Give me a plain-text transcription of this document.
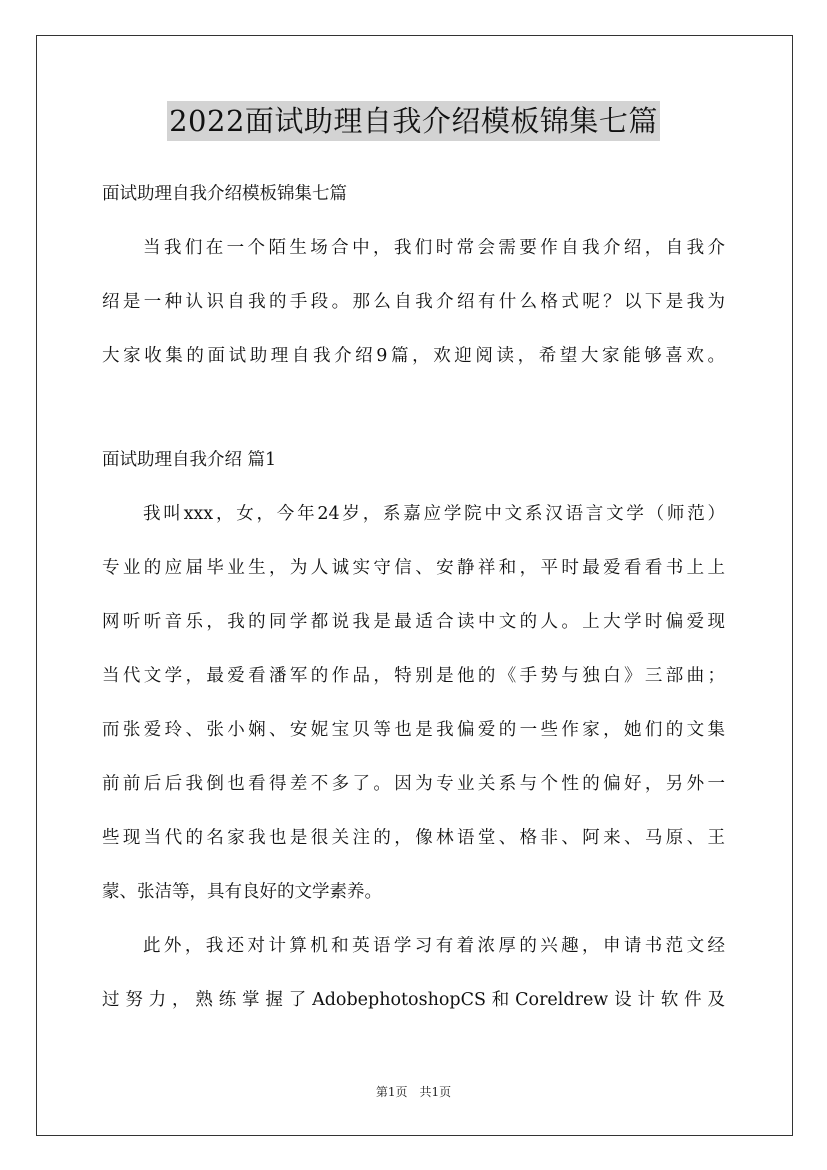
2022面试助理自我介绍模板锦集七篇
面试助理自我介绍模板锦集七篇
当我们在一个陌生场合中，我们时常会需要作自我介绍，自我介
绍是一种认识自我的手段。那么自我介绍有什么格式呢？以下是我为
大家收集的面试助理自我介绍9篇，欢迎阅读，希望大家能够喜欢。
面试助理自我介绍 篇1
我叫xxx，女，今年24岁，系嘉应学院中文系汉语言文学（师范）
专业的应届毕业生，为人诚实守信、安静祥和，平时最爱看看书上上
网听听音乐，我的同学都说我是最适合读中文的人。上大学时偏爱现
当代文学，最爱看潘军的作品，特别是他的《手势与独白》三部曲；
而张爱玲、张小娴、安妮宝贝等也是我偏爱的一些作家，她们的文集
前前后后我倒也看得差不多了。因为专业关系与个性的偏好，另外一
些现当代的名家我也是很关注的，像林语堂、格非、阿来、马原、王
蒙、张洁等，具有良好的文学素养。
此外，我还对计算机和英语学习有着浓厚的兴趣，申请书范文经
过努力，熟练掌握了AdobephotoshopCS和Coreldrew设计软件及
第1页　共1页
